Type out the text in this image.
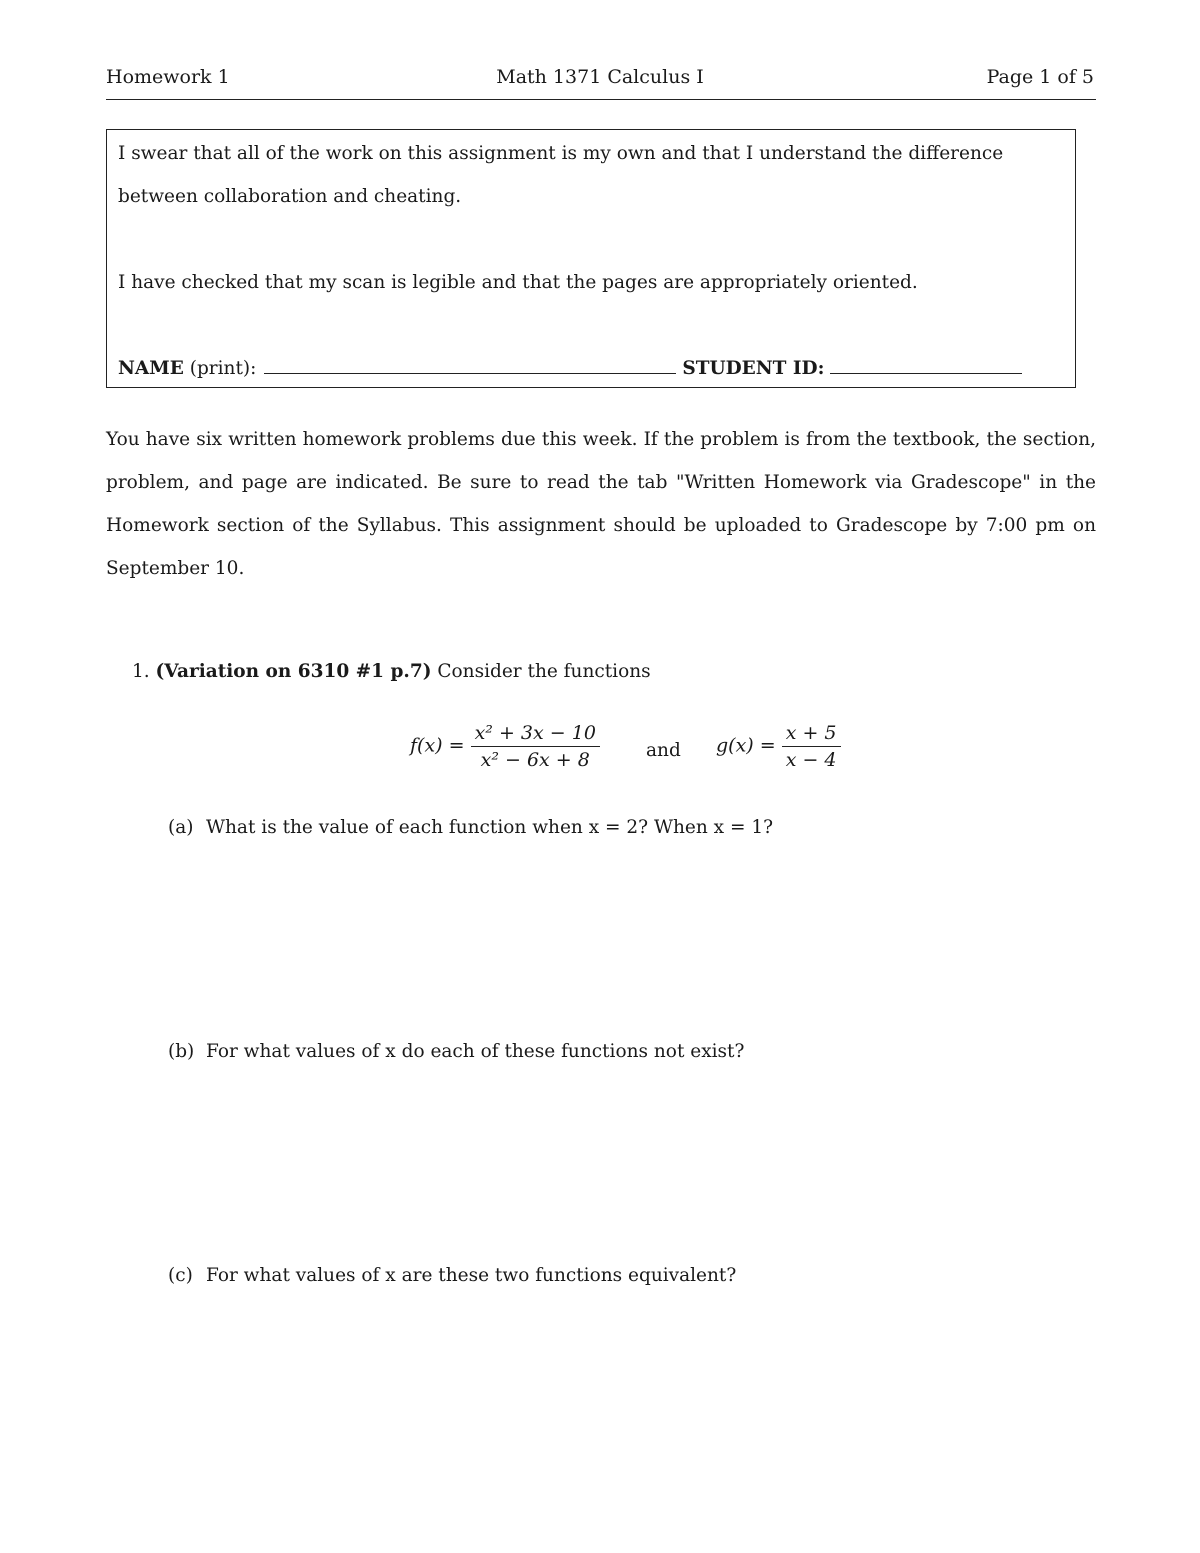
Homework 1	Math 1371 Calculus I	Page 1 of 5
I swear that all of the work on this assignment is my own and that I understand the difference
between collaboration and cheating.
I have checked that my scan is legible and that the pages are appropriately oriented.
NAME (print):	STUDENT ID:
You have six written homework problems due this week. If the problem is from the textbook, the section,
problem, and page are indicated. Be sure to read the tab "Written Homework via Gradescope" in the
Homework section of the Syllabus. This assignment should be uploaded to Gradescope by 7:00 pm on
September 10.
1. (Variation on 6310 #1 p.7) Consider the functions
$f(x) = \frac{\text{x² + 3x − 10}}{\text{x² − 6x + 8}}$ and $g(x) = \frac{x + 5}{x - 4}$
(a) What is the value of each function when x = 2? When x = 1?
(b) For what values of x do each of these functions not exist?
(c) For what values of x are these two functions equivalent?
